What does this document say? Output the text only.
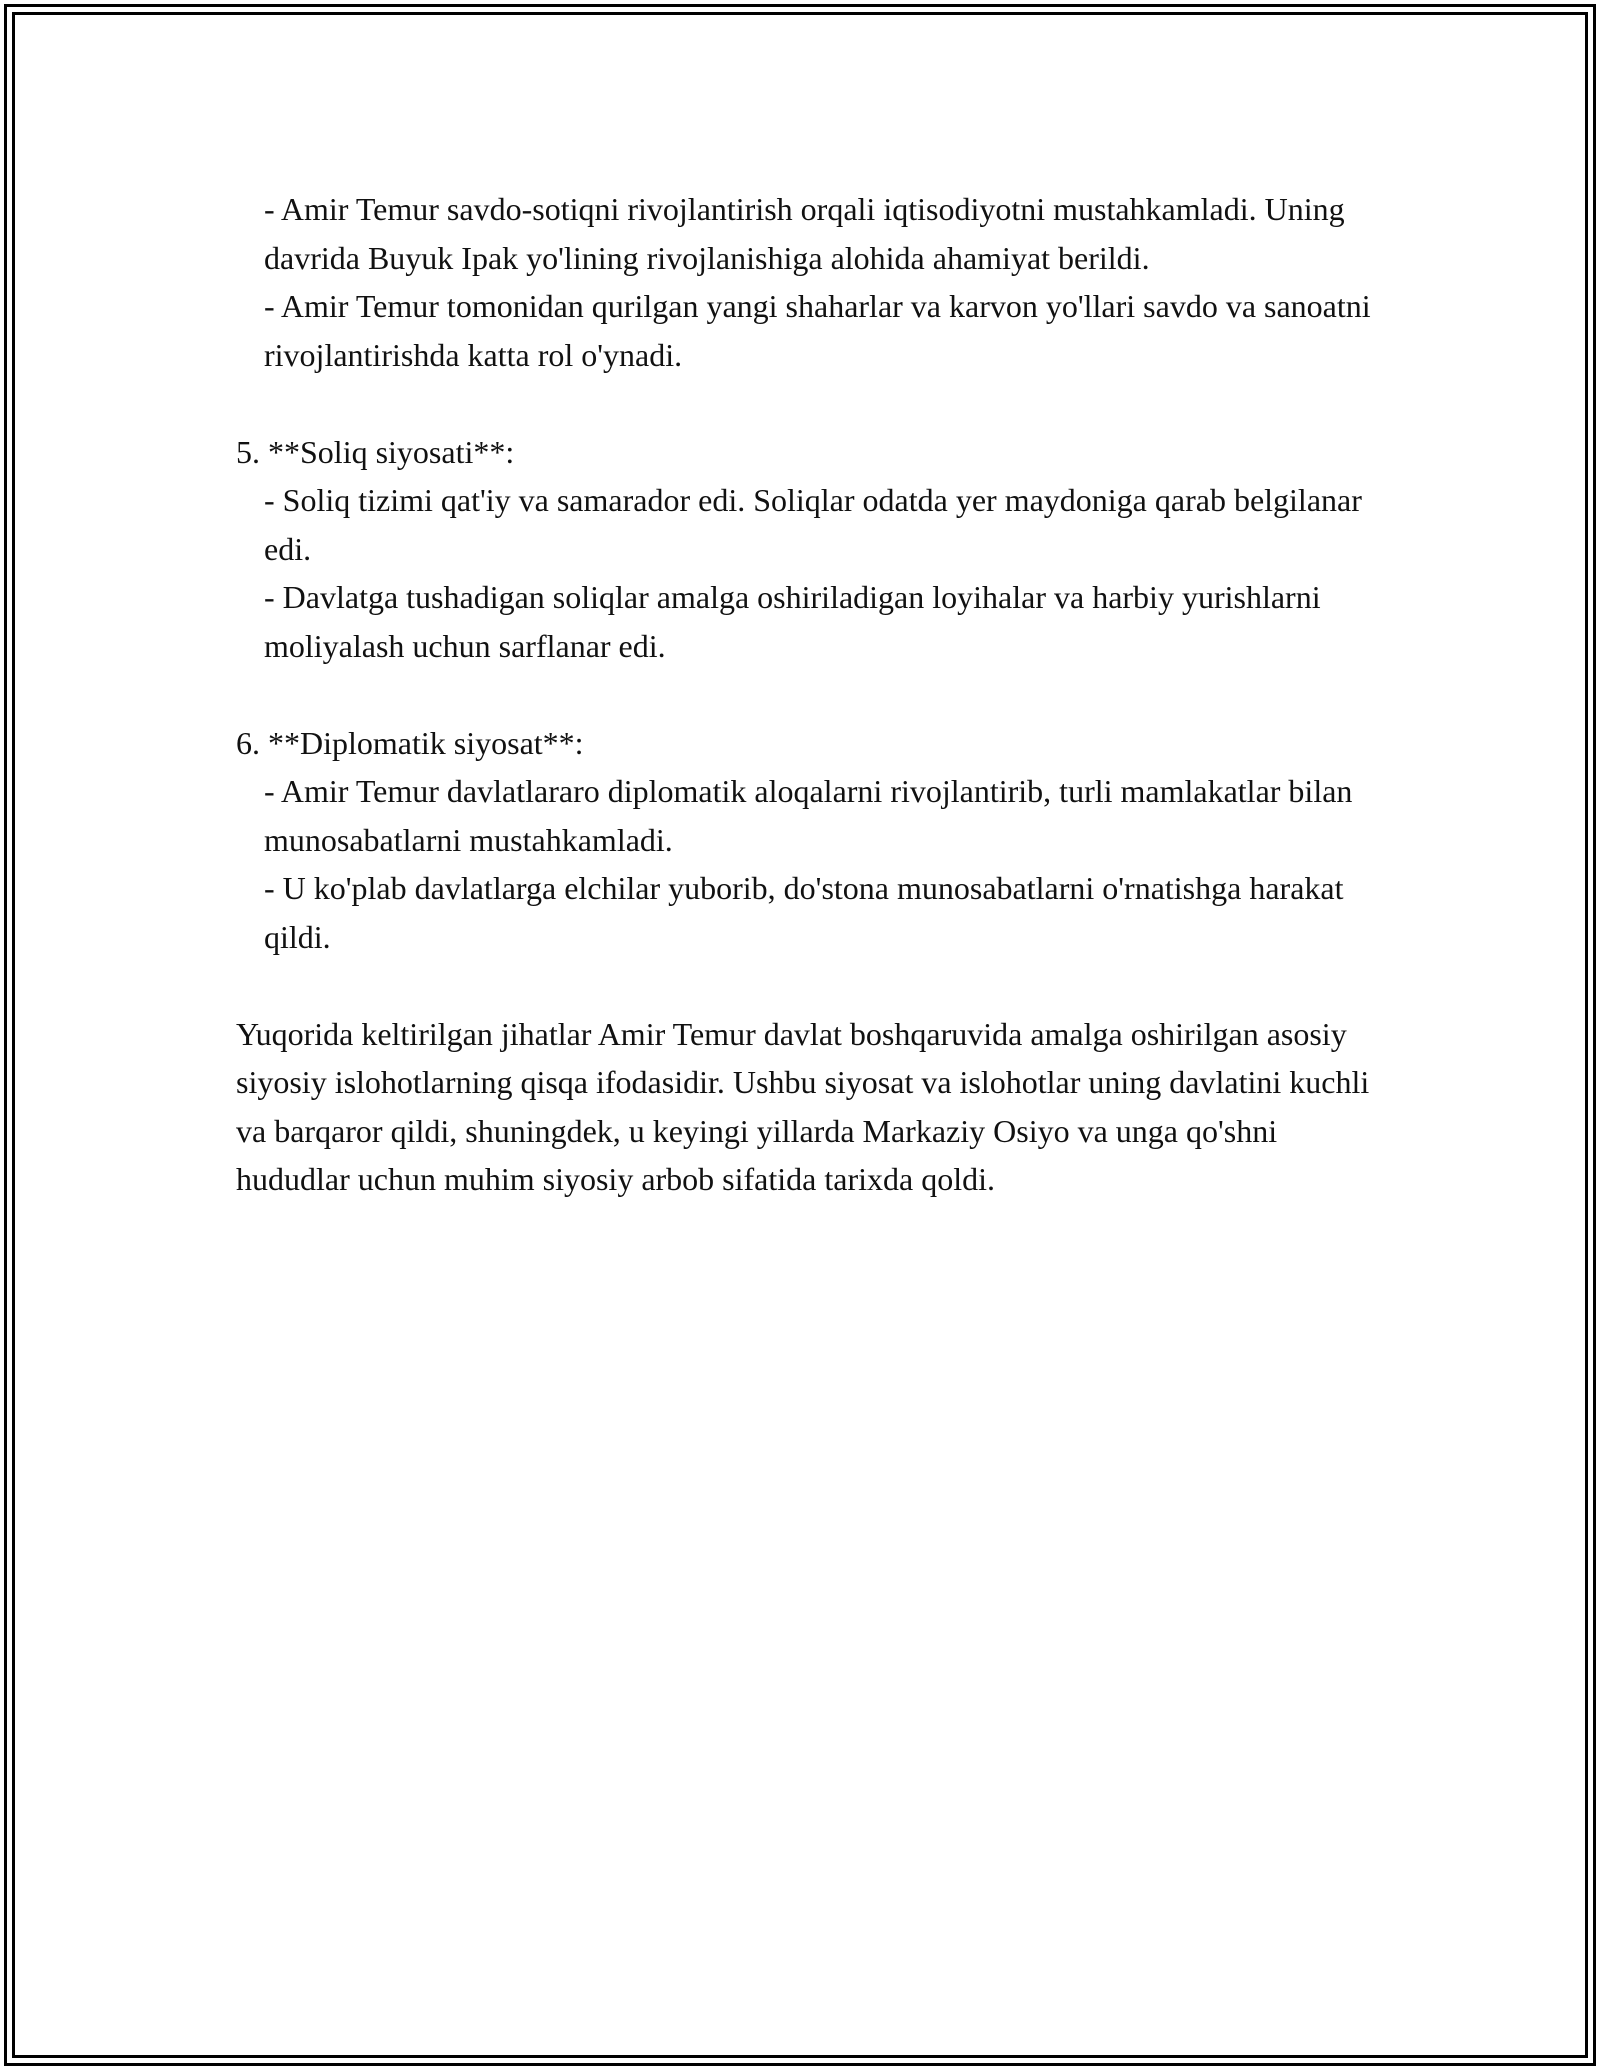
- Amir Temur savdo-sotiqni rivojlantirish orqali iqtisodiyotni mustahkamladi. Uning davrida Buyuk Ipak yo'lining rivojlanishiga alohida ahamiyat berildi.

- Amir Temur tomonidan qurilgan yangi shaharlar va karvon yo'llari savdo va sanoatni rivojlantirishda katta rol o'ynadi.

5. **Soliq siyosati**:

- Soliq tizimi qat'iy va samarador edi. Soliqlar odatda yer maydoniga qarab belgilanar edi.

- Davlatga tushadigan soliqlar amalga oshiriladigan loyihalar va harbiy yurishlarni moliyalash uchun sarflanar edi.

6. **Diplomatik siyosat**:

- Amir Temur davlatlararo diplomatik aloqalarni rivojlantirib, turli mamlakatlar bilan munosabatlarni mustahkamladi.

- U ko'plab davlatlarga elchilar yuborib, do'stona munosabatlarni o'rnatishga harakat qildi.

Yuqorida keltirilgan jihatlar Amir Temur davlat boshqaruvida amalga oshirilgan asosiy siyosiy islohotlarning qisqa ifodasidir. Ushbu siyosat va islohotlar uning davlatini kuchli va barqaror qildi, shuningdek, u keyingi yillarda Markaziy Osiyo va unga qo'shni hududlar uchun muhim siyosiy arbob sifatida tarixda qoldi.
